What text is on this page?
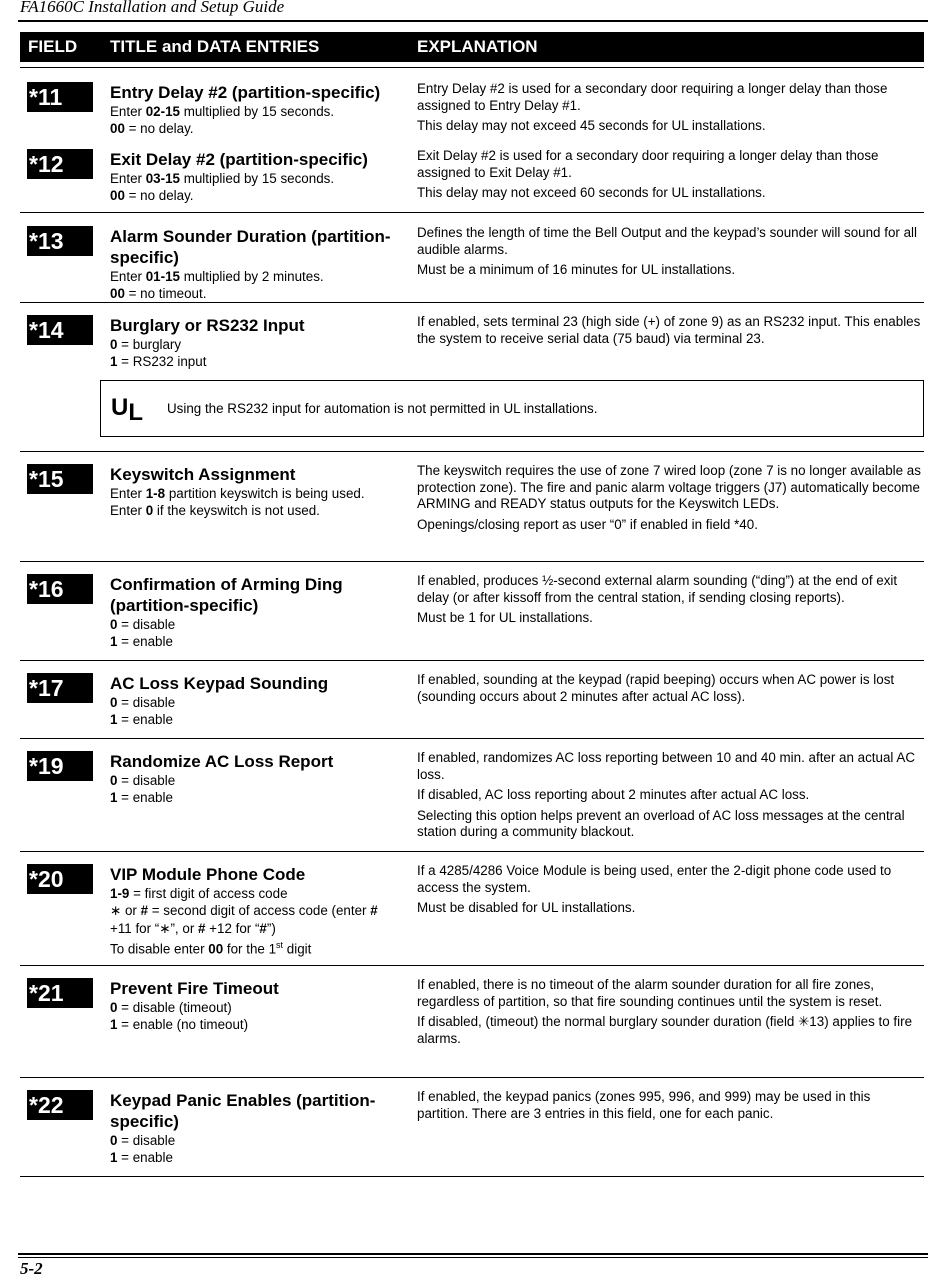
FA1660C Installation and Setup Guide
FIELD TITLE and DATA ENTRIES	EXPLANATION
*11	Entry Delay #2 (partition-specific)
Enter 02-15 multiplied by 15 seconds.
00 = no delay.

Entry Delay #2 is used for a secondary door requiring a longer delay than those assigned to Entry Delay #1.

This delay may not exceed 45 seconds for UL installations.

*12	Exit Delay #2 (partition-specific)
Enter 03-15 multiplied by 15 seconds.
00 = no delay.

Exit Delay #2 is used for a secondary door requiring a longer delay than those assigned to Exit Delay #1.

This delay may not exceed 60 seconds for UL installations.

*13	Alarm Sounder Duration (partition-specific)
Enter 01-15 multiplied by 2 minutes.
00 = no timeout.

Defines the length of time the Bell Output and the keypad’s sounder will sound for all audible alarms.

Must be a minimum of 16 minutes for UL installations.

*14	Burglary or RS232 Input
0 = burglary
1 = RS232 input

If enabled, sets terminal 23 (high side (+) of zone 9) as an RS232 input. This enables the system to receive serial data (75 baud) via terminal 23.

UL Using the RS232 input for automation is not permitted in UL installations.
*15	Keyswitch Assignment
Enter 1-8 partition keyswitch is being used.
Enter 0 if the keyswitch is not used.

The keyswitch requires the use of zone 7 wired loop (zone 7 is no longer available as protection zone). The fire and panic alarm voltage triggers (J7) automatically become ARMING and READY status outputs for the Keyswitch LEDs.

Openings/closing report as user “0” if enabled in field *40.

*16	Confirmation of Arming Ding (partition-specific)
0 = disable
1 = enable

If enabled, produces ½-second external alarm sounding (“ding”) at the end of exit delay (or after kissoff from the central station, if sending closing reports).

Must be 1 for UL installations.

*17	AC Loss Keypad Sounding
0 = disable
1 = enable

If enabled, sounding at the keypad (rapid beeping) occurs when AC power is lost (sounding occurs about 2 minutes after actual AC loss).

*19	Randomize AC Loss Report
0 = disable
1 = enable

If enabled, randomizes AC loss reporting between 10 and 40 min. after an actual AC loss.

If disabled, AC loss reporting about 2 minutes after actual AC loss.

Selecting this option helps prevent an overload of AC loss messages at the central station during a community blackout.

*20	VIP Module Phone Code
1-9 = first digit of access code
∗ or # = second digit of access code (enter #
+11 for “∗”, or # +12 for “#”)
To disable enter 00 for the 1st digit

If a 4285/4286 Voice Module is being used, enter the 2-digit phone code used to access the system.

Must be disabled for UL installations.

*21	Prevent Fire Timeout
0 = disable (timeout)
1 = enable (no timeout)

If enabled, there is no timeout of the alarm sounder duration for all fire zones, regardless of partition, so that fire sounding continues until the system is reset.

If disabled, (timeout) the normal burglary sounder duration (field ✳13) applies to fire alarms.

*22	Keypad Panic Enables (partition-specific)
0 = disable
1 = enable

If enabled, the keypad panics (zones 995, 996, and 999) may be used in this partition. There are 3 entries in this field, one for each panic.

5-2
